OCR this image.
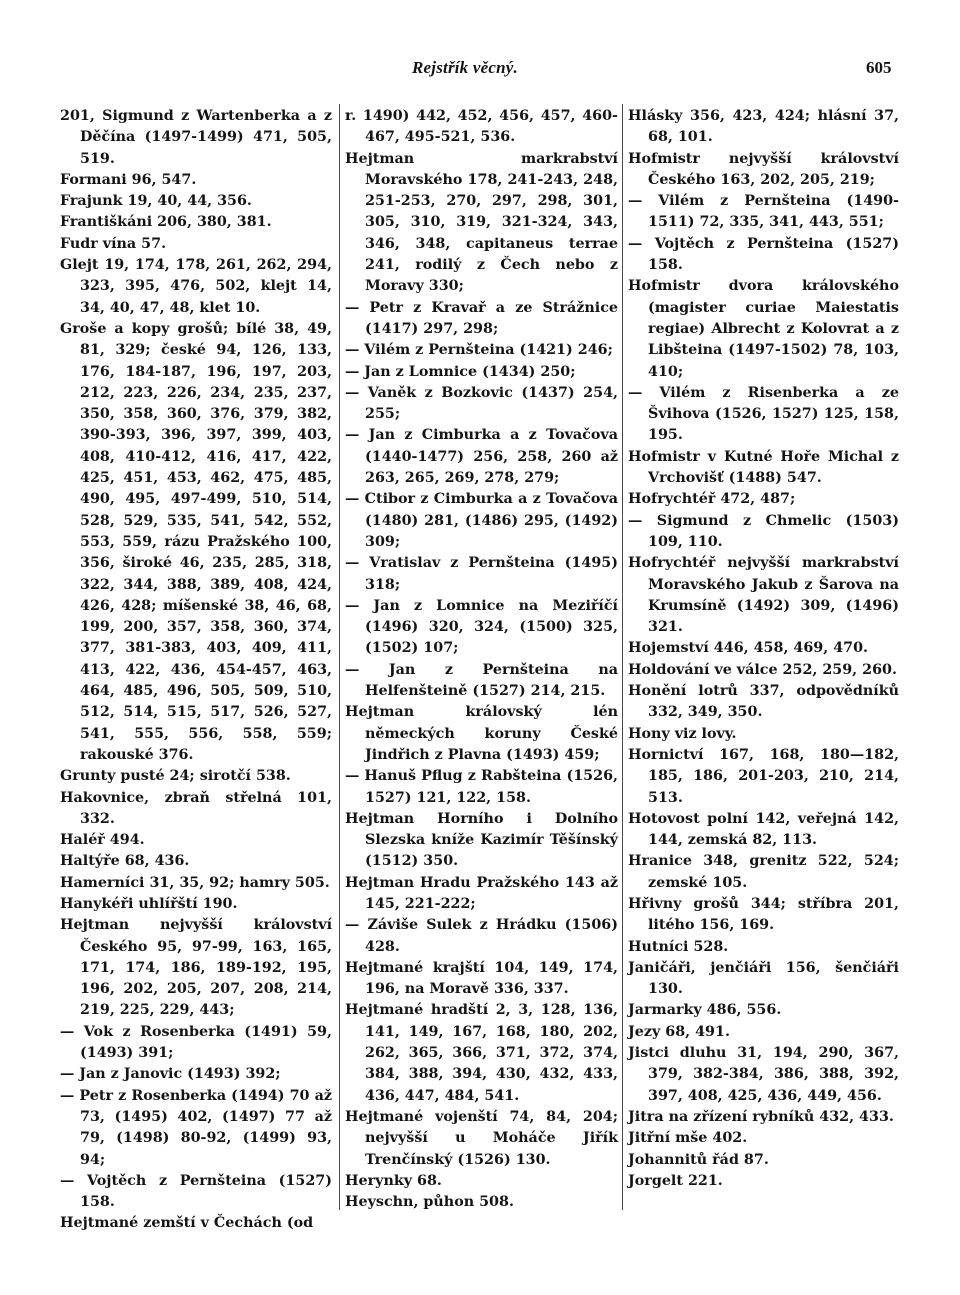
Rejstřík věcný.	605
201, Sigmund z Wartenberka a z Děčína (1497-1499) 471, 505, 519.
Formani 96, 547.
Frajunk 19, 40, 44, 356.
Františkáni 206, 380, 381.
Fudr vína 57.
Glejt 19, 174, 178, 261, 262, 294, 323, 395, 476, 502, klejt 14, 34, 40, 47, 48, klet 10.
Groše a kopy grošů; bílé 38, 49, 81, 329; české 94, 126, 133, 176, 184-187, 196, 197, 203, 212, 223, 226, 234, 235, 237, 350, 358, 360, 376, 379, 382, 390-393, 396, 397, 399, 403, 408, 410-412, 416, 417, 422, 425, 451, 453, 462, 475, 485, 490, 495, 497-499, 510, 514, 528, 529, 535, 541, 542, 552, 553, 559, rázu Pražského 100, 356, široké 46, 235, 285, 318, 322, 344, 388, 389, 408, 424, 426, 428; míšenské 38, 46, 68, 199, 200, 357, 358, 360, 374, 377, 381-383, 403, 409, 411, 413, 422, 436, 454-457, 463, 464, 485, 496, 505, 509, 510, 512, 514, 515, 517, 526, 527, 541, 555, 556, 558, 559; rakouské 376.
Grunty pusté 24; sirotčí 538.
Hakovnice, zbraň střelná 101, 332.
Haléř 494.
Haltýře 68, 436.
Hamerníci 31, 35, 92; hamry 505.
Hanykéři uhlířští 190.
Hejtman nejvyšší království Českého 95, 97-99, 163, 165, 171, 174, 186, 189-192, 195, 196, 202, 205, 207, 208, 214, 219, 225, 229, 443;
— Vok z Rosenberka (1491) 59, (1493) 391;
— Jan z Janovic (1493) 392;
— Petr z Rosenberka (1494) 70 až 73, (1495) 402, (1497) 77 až 79, (1498) 80-92, (1499) 93, 94;
— Vojtěch z Pernšteina (1527) 158.
Hejtmané zemští v Čechách (od
r. 1490) 442, 452, 456, 457, 460-467, 495-521, 536.
Hejtman markrabství Moravského 178, 241-243, 248, 251-253, 270, 297, 298, 301, 305, 310, 319, 321-324, 343, 346, 348, capitaneus terrae 241, rodilý z Čech nebo z Moravy 330;
— Petr z Kravař a ze Strážnice (1417) 297, 298;
— Vilém z Pernšteina (1421) 246;
— Jan z Lomnice (1434) 250;
— Vaněk z Bozkovic (1437) 254, 255;
— Jan z Cimburka a z Tovačova (1440-1477) 256, 258, 260 až 263, 265, 269, 278, 279;
— Ctibor z Cimburka a z Tovačova (1480) 281, (1486) 295, (1492) 309;
— Vratislav z Pernšteina (1495) 318;
— Jan z Lomnice na Meziříčí (1496) 320, 324, (1500) 325, (1502) 107;
— Jan z Pernšteina na Helfenšteině (1527) 214, 215.
Hejtman královský lén německých koruny České Jindřich z Plavna (1493) 459;
— Hanuš Pflug z Rabšteina (1526, 1527) 121, 122, 158.
Hejtman Horního i Dolního Slezska kníže Kazimír Těšínský (1512) 350.
Hejtman Hradu Pražského 143 až 145, 221-222;
— Záviše Sulek z Hrádku (1506) 428.
Hejtmané krajští 104, 149, 174, 196, na Moravě 336, 337.
Hejtmané hradští 2, 3, 128, 136, 141, 149, 167, 168, 180, 202, 262, 365, 366, 371, 372, 374, 384, 388, 394, 430, 432, 433, 436, 447, 484, 541.
Hejtmané vojenští 74, 84, 204; nejvyšší u Moháče Jiřík Trenčínský (1526) 130.
Herynky 68.
Heyschn, půhon 508.
Hlásky 356, 423, 424; hlásní 37, 68, 101.
Hofmistr nejvyšší království Českého 163, 202, 205, 219;
— Vilém z Pernšteina (1490-1511) 72, 335, 341, 443, 551;
— Vojtěch z Pernšteina (1527) 158.
Hofmistr dvora královského (magister curiae Maiestatis regiae) Albrecht z Kolovrat a z Libšteina (1497-1502) 78, 103, 410;
— Vilém z Risenberka a ze Švihova (1526, 1527) 125, 158, 195.
Hofmistr v Kutné Hoře Michal z Vrchovišť (1488) 547.
Hofrychtéř 472, 487;
— Sigmund z Chmelic (1503) 109, 110.
Hofrychtéř nejvyšší markrabství Moravského Jakub z Šarova na Krumsíně (1492) 309, (1496) 321.
Hojemství 446, 458, 469, 470.
Holdování ve válce 252, 259, 260.
Honění lotrů 337, odpovědníků 332, 349, 350.
Hony viz lovy.
Hornictví 167, 168, 180—182, 185, 186, 201-203, 210, 214, 513.
Hotovost polní 142, veřejná 142, 144, zemská 82, 113.
Hranice 348, grenitz 522, 524; zemské 105.
Hřivny grošů 344; stříbra 201, litého 156, 169.
Hutníci 528.
Janičáři, jenčiáři 156, šenčiáři 130.
Jarmarky 486, 556.
Jezy 68, 491.
Jistci dluhu 31, 194, 290, 367, 379, 382-384, 386, 388, 392, 397, 408, 425, 436, 449, 456.
Jitra na zřízení rybníků 432, 433.
Jitřní mše 402.
Johannitů řád 87.
Jorgelt 221.
